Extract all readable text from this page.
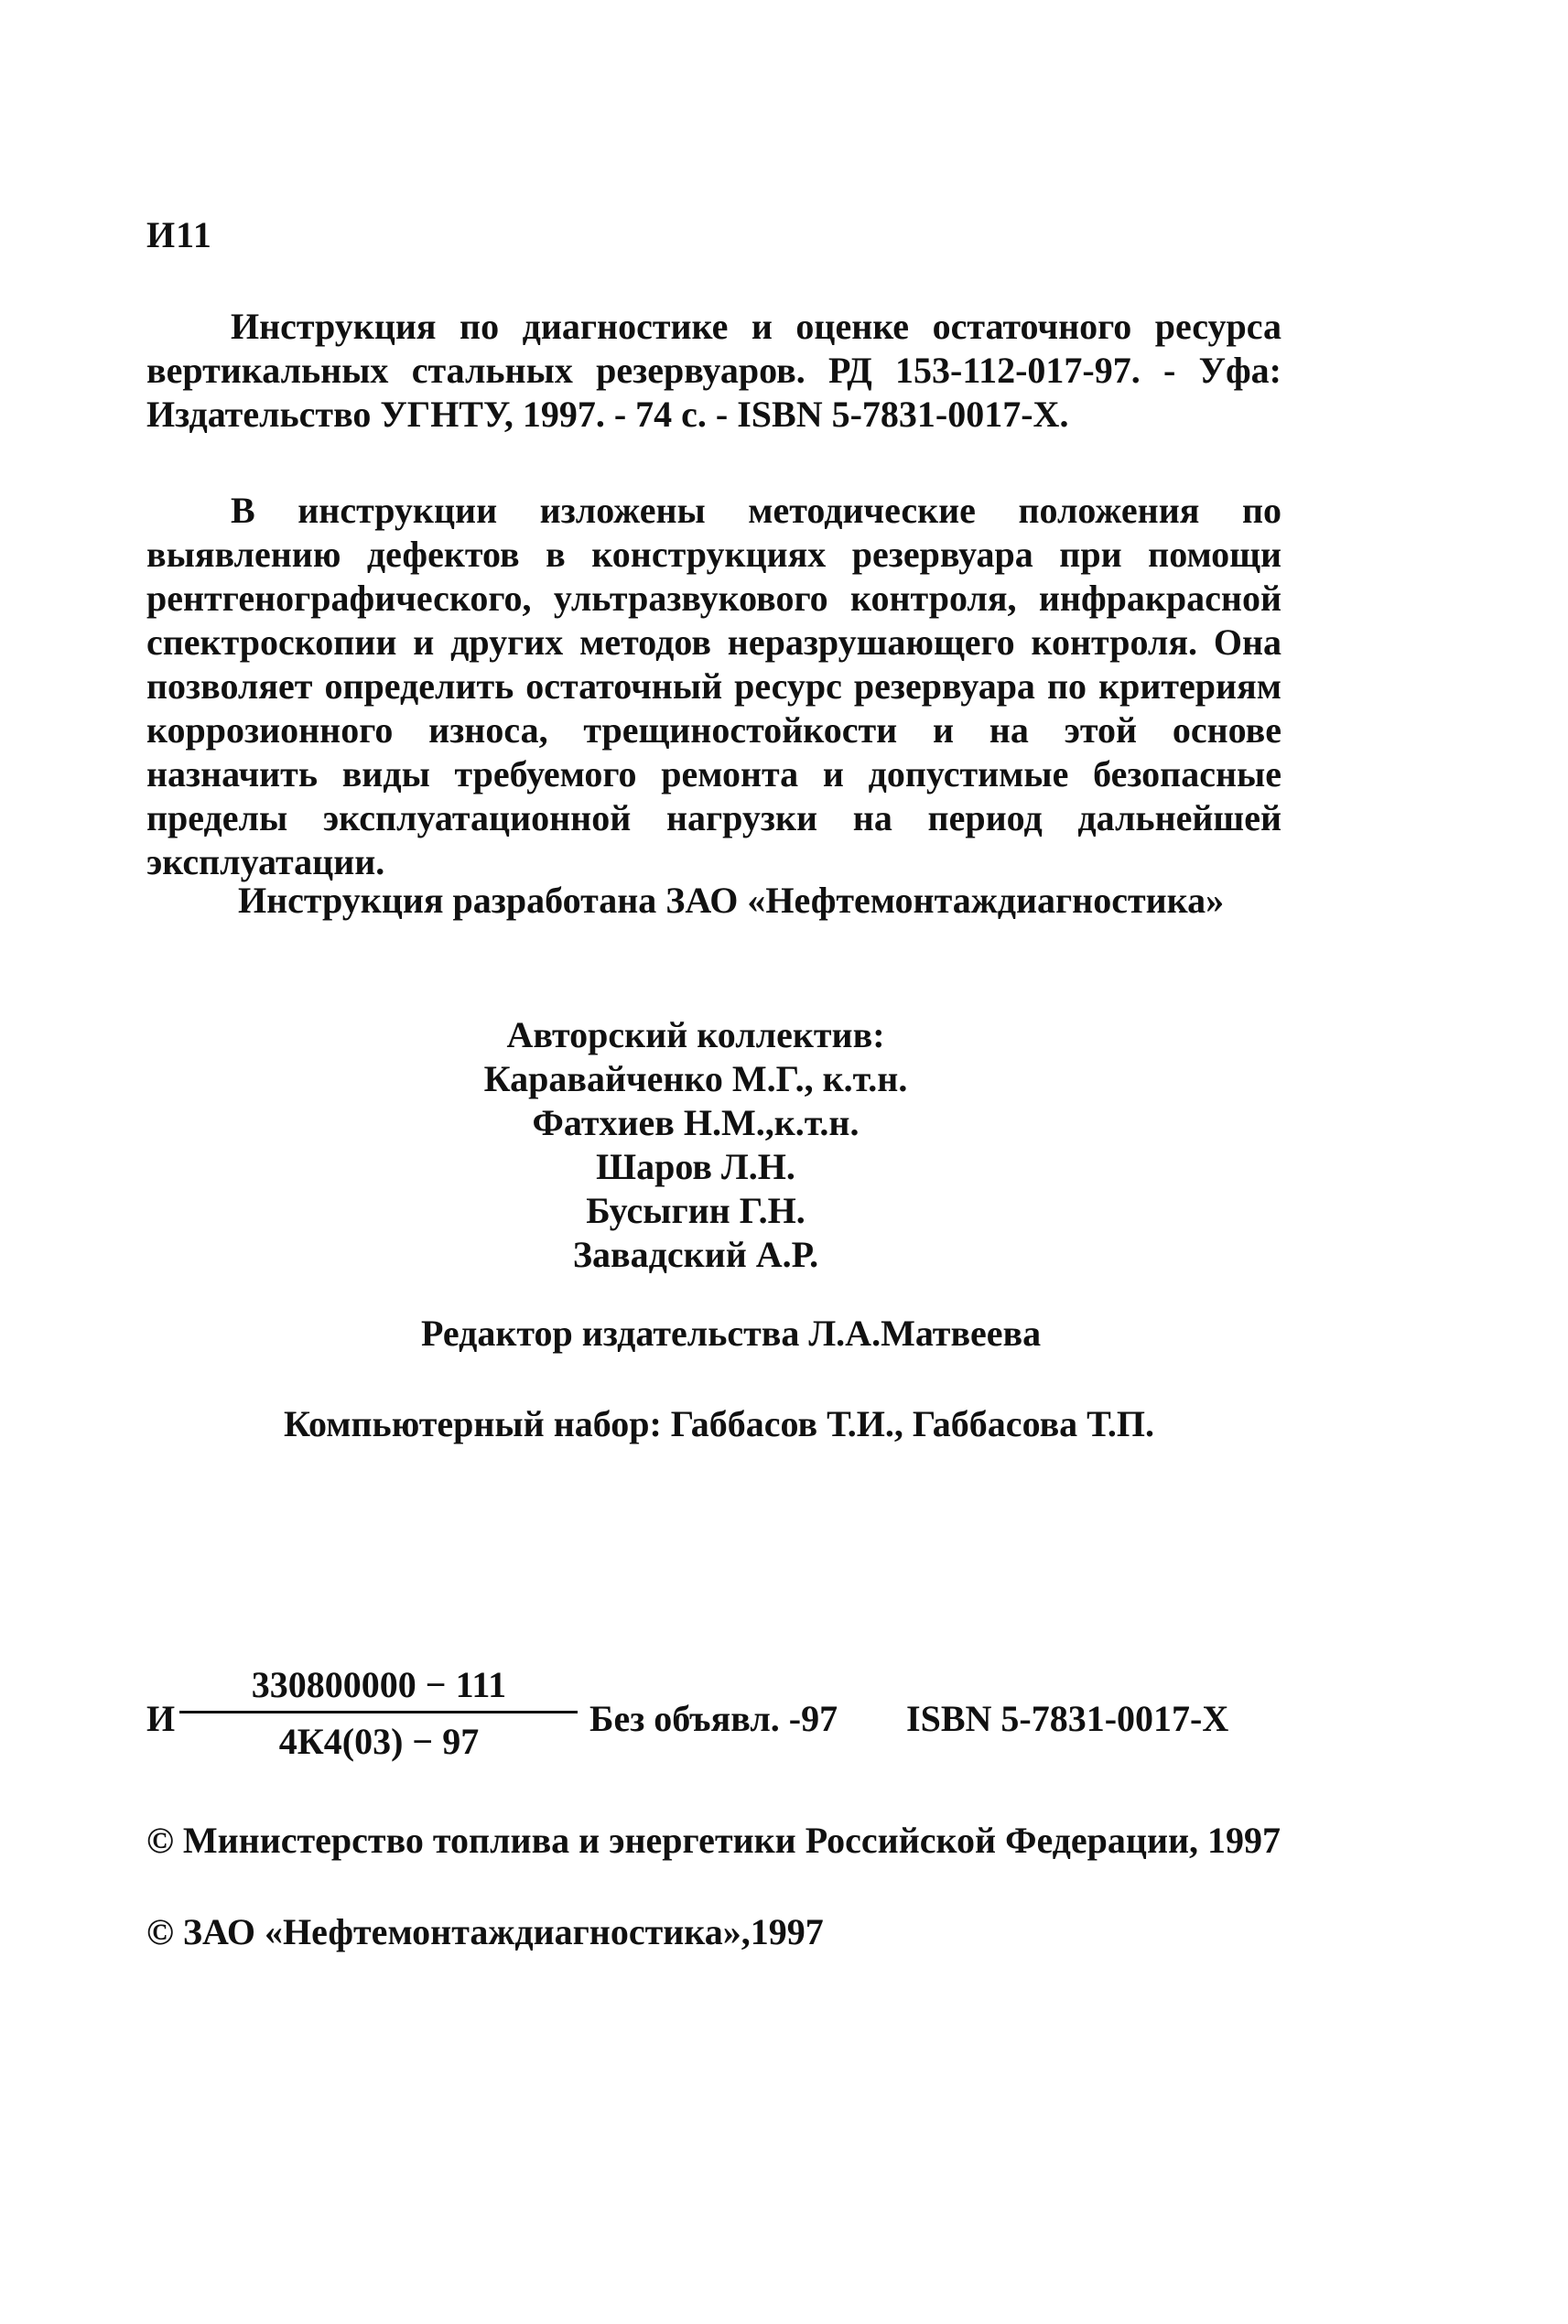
И11
Инструкция по диагностике и оценке остаточного ресурса вертикальных стальных резервуаров. РД 153-112-017-97. - Уфа: Издательство УГНТУ, 1997. - 74 с. - ISBN 5-7831-0017-Х.
В инструкции изложены методические положения по выявлению дефектов в конструкциях резервуара при помощи рентгенографического, ультразвукового контроля, инфракрасной спектроскопии и других методов неразрушающего контроля. Она позволяет определить остаточный ресурс резервуара по критериям коррозионного износа, трещиностойкости и на этой основе назначить виды требуемого ремонта и допустимые безопасные пределы эксплуатационной нагрузки на период дальнейшей эксплуатации.
Инструкция разработана ЗАО «Нефтемонтаждиагностика»
Авторский коллектив:
Каравайченко М.Г., к.т.н.
Фатхиев Н.М.,к.т.н.
Шаров Л.Н.
Бусыгин Г.Н.
Завадский А.Р.
Редактор издательства Л.А.Матвеева
Компьютерный набор: Габбасов Т.И., Габбасова Т.П.
И
330800000 − 111
4К4(03) − 97
Без объявл. -97 ISBN 5-7831-0017-Х
© Министерство топлива и энергетики Российской Федерации, 1997
© ЗАО «Нефтемонтаждиагностика»,1997
